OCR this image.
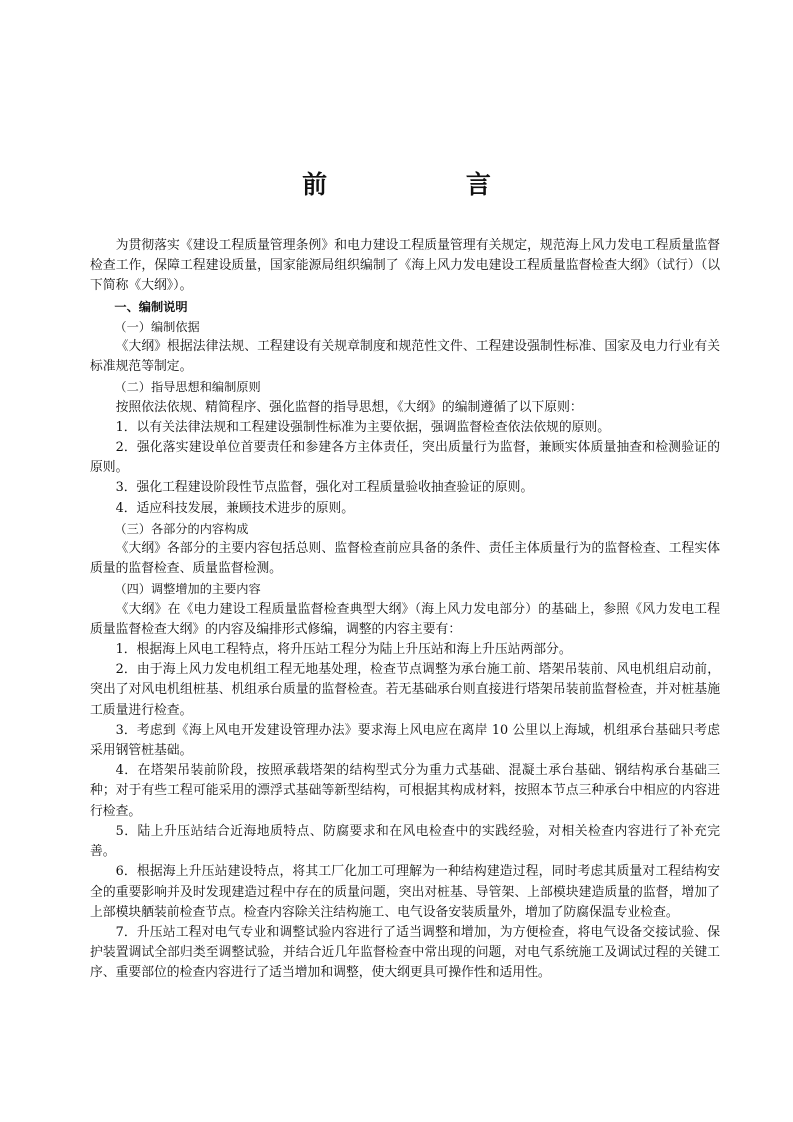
前 言

为贯彻落实《建设工程质量管理条例》和电力建设工程质量管理有关规定，规范海上风力发电工程质量监督检查工作，保障工程建设质量，国家能源局组织编制了《海上风力发电建设工程质量监督检查大纲》（试行）（以下简称《大纲》）。

一、编制说明

（一）编制依据

《大纲》根据法律法规、工程建设有关规章制度和规范性文件、工程建设强制性标准、国家及电力行业有关标准规范等制定。

（二）指导思想和编制原则

按照依法依规、精简程序、强化监督的指导思想，《大纲》的编制遵循了以下原则：

1．以有关法律法规和工程建设强制性标准为主要依据，强调监督检查依法依规的原则。

2．强化落实建设单位首要责任和参建各方主体责任，突出质量行为监督，兼顾实体质量抽查和检测验证的原则。

3．强化工程建设阶段性节点监督，强化对工程质量验收抽查验证的原则。

4．适应科技发展，兼顾技术进步的原则。

（三）各部分的内容构成

《大纲》各部分的主要内容包括总则、监督检查前应具备的条件、责任主体质量行为的监督检查、工程实体质量的监督检查、质量监督检测。

（四）调整增加的主要内容

《大纲》在《电力建设工程质量监督检查典型大纲》（海上风力发电部分）的基础上，参照《风力发电工程质量监督检查大纲》的内容及编排形式修编，调整的内容主要有：

1．根据海上风电工程特点，将升压站工程分为陆上升压站和海上升压站两部分。

2．由于海上风力发电机组工程无地基处理，检查节点调整为承台施工前、塔架吊装前、风电机组启动前，突出了对风电机组桩基、机组承台质量的监督检查。若无基础承台则直接进行塔架吊装前监督检查，并对桩基施工质量进行检查。

3．考虑到《海上风电开发建设管理办法》要求海上风电应在离岸 10 公里以上海域，机组承台基础只考虑采用钢管桩基础。

4．在塔架吊装前阶段，按照承载塔架的结构型式分为重力式基础、混凝土承台基础、钢结构承台基础三种；对于有些工程可能采用的漂浮式基础等新型结构，可根据其构成材料，按照本节点三种承台中相应的内容进行检查。

5．陆上升压站结合近海地质特点、防腐要求和在风电检查中的实践经验，对相关检查内容进行了补充完善。

6．根据海上升压站建设特点，将其工厂化加工可理解为一种结构建造过程，同时考虑其质量对工程结构安全的重要影响并及时发现建造过程中存在的质量问题，突出对桩基、导管架、上部模块建造质量的监督，增加了上部模块舾装前检查节点。检查内容除关注结构施工、电气设备安装质量外，增加了防腐保温专业检查。

7．升压站工程对电气专业和调整试验内容进行了适当调整和增加，为方便检查，将电气设备交接试验、保护装置调试全部归类至调整试验，并结合近几年监督检查中常出现的问题，对电气系统施工及调试过程的关键工序、重要部位的检查内容进行了适当增加和调整，使大纲更具可操作性和适用性。
